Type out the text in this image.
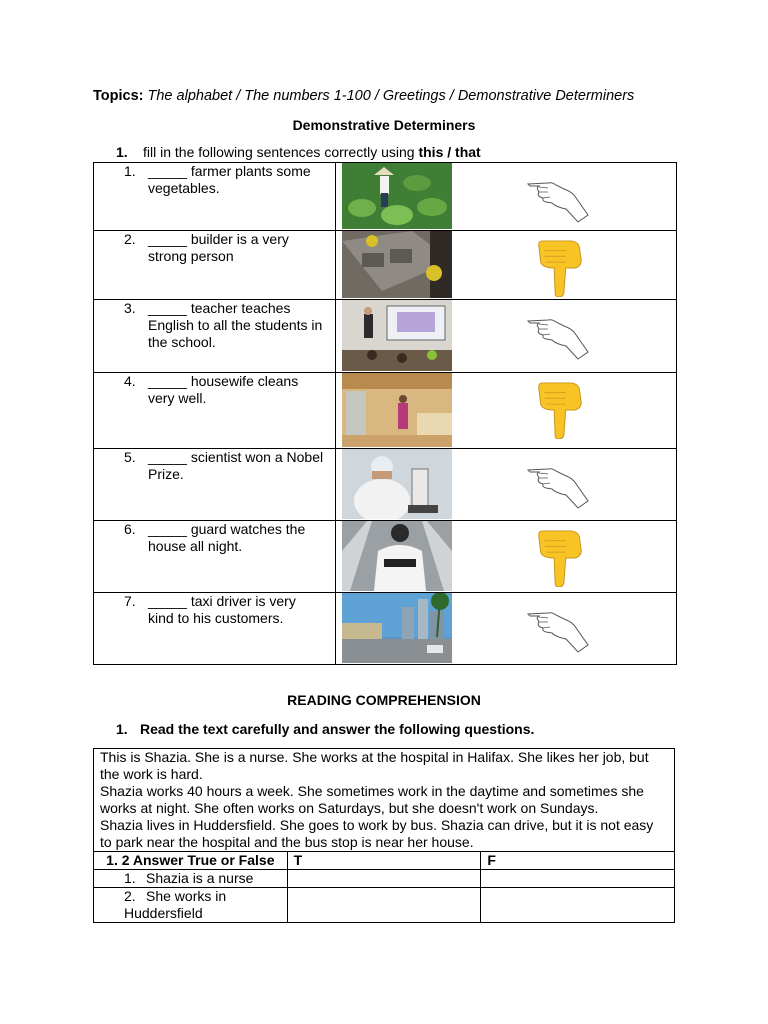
Topics: The alphabet / The numbers 1-100 / Greetings / Demonstrative Determiners
Demonstrative Determiners
1. fill in the following sentences correctly using this / that
1. _____ farmer plants some vegetables.

2. _____ builder is a very strong person

3. _____ teacher teaches English to all the students in the school.

4. _____ housewife cleans very well.

5. _____ scientist won a Nobel Prize.

6. _____ guard watches the house all night.

7. _____ taxi driver is very kind to his customers.

READING COMPREHENSION
1. Read the text carefully and answer the following questions.

This is Shazia. She is a nurse. She works at the hospital in Halifax. She likes her job, but the work is hard.

Shazia works 40 hours a week. She sometimes work in the daytime and sometimes she works at night. She often works on Saturdays, but she doesn't work on Sundays.

Shazia lives in Huddersfield. She goes to work by bus. Shazia can drive, but it is not easy to park near the hospital and the bus stop is near her house.		

1. 2 Answer True or False	T	F
1. Shazia is a nurse		
2. She works in Huddersfield		
